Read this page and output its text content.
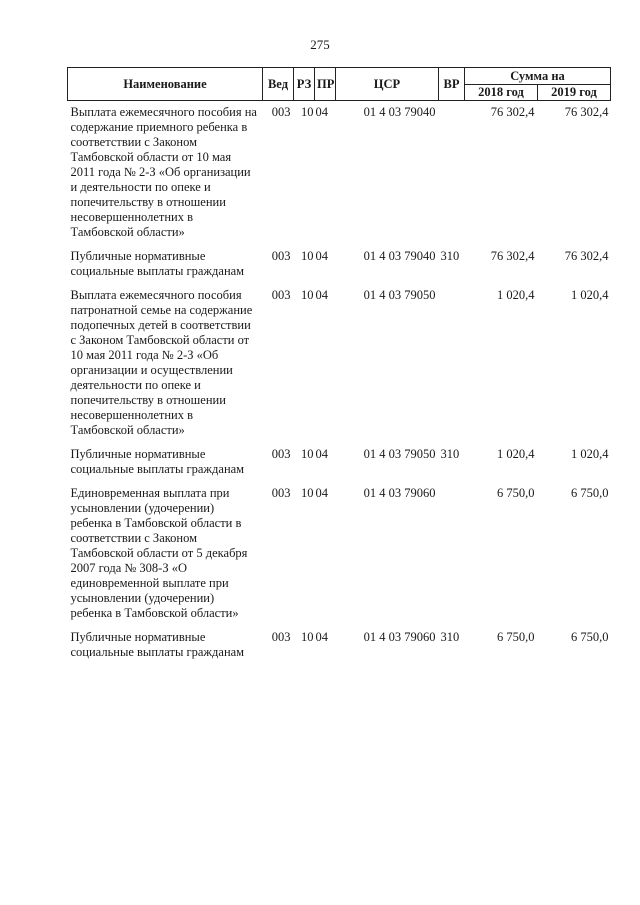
275
Наименование	Вед	РЗ	ПР	ЦСР	ВР	Сумма на	
						2018 год	2019 год
Выплата ежемесячного пособия на содержание приемного ребенка в соответствии с Законом Тамбовской области от 10 мая 2011 года № 2-З «Об организации и деятельности по опеке и попечительству в отношении несовершеннолетних в Тамбовской области»	003	10	04	01 4 03 79040		76 302,4	76 302,4
Публичные нормативные социальные выплаты гражданам	003	10	04	01 4 03 79040	310	76 302,4	76 302,4
Выплата ежемесячного пособия патронатной семье на содержание подопечных детей в соответствии с Законом Тамбовской области от 10 мая 2011 года № 2-З «Об организации и осуществлении деятельности по опеке и попечительству в отношении несовершеннолетних в Тамбовской области»	003	10	04	01 4 03 79050		1 020,4	1 020,4
Публичные нормативные социальные выплаты гражданам	003	10	04	01 4 03 79050	310	1 020,4	1 020,4
Единовременная выплата при усыновлении (удочерении) ребенка в Тамбовской области в соответствии с Законом Тамбовской области от 5 декабря 2007 года № 308-З «О единовременной выплате при усыновлении (удочерении) ребенка в Тамбовской области»	003	10	04	01 4 03 79060		6 750,0	6 750,0
Публичные нормативные социальные выплаты гражданам	003	10	04	01 4 03 79060	310	6 750,0	6 750,0
